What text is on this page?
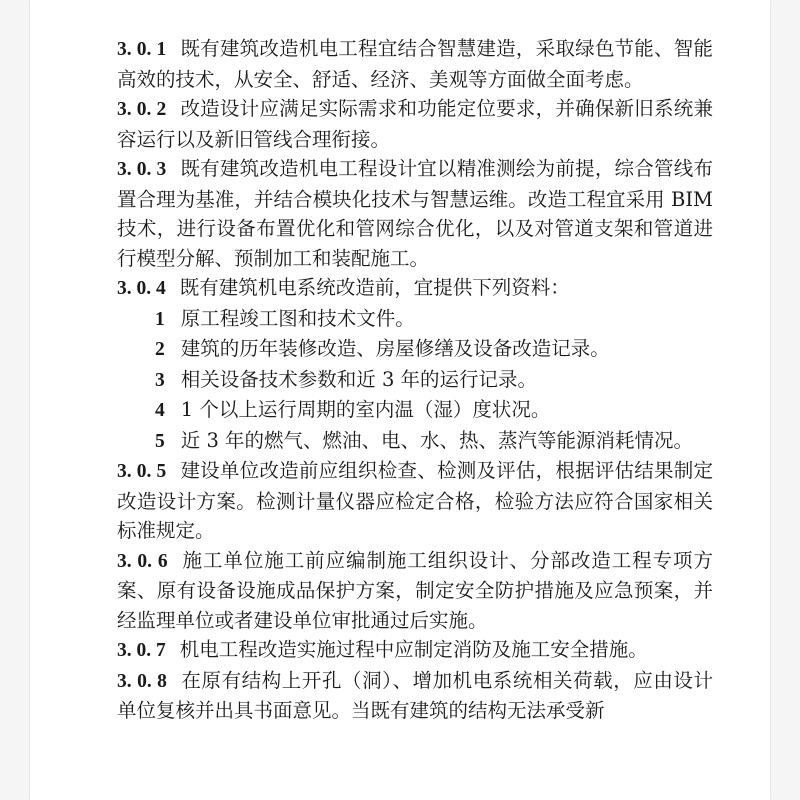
3. 0. 1 既有建筑改造机电工程宜结合智慧建造，采取绿色节能、智能高效的技术，从安全、舒适、经济、美观等方面做全面考虑。

3. 0. 2 改造设计应满足实际需求和功能定位要求，并确保新旧系统兼容运行以及新旧管线合理衔接。

3. 0. 3 既有建筑改造机电工程设计宜以精准测绘为前提，综合管线布置合理为基准，并结合模块化技术与智慧运维。改造工程宜采用 BIM 技术，进行设备布置优化和管网综合优化，以及对管道支架和管道进行模型分解、预制加工和装配施工。

3. 0. 4 既有建筑机电系统改造前，宜提供下列资料：

1 原工程竣工图和技术文件。

2 建筑的历年装修改造、房屋修缮及设备改造记录。

3 相关设备技术参数和近 3 年的运行记录。

4 1 个以上运行周期的室内温（湿）度状况。

5 近 3 年的燃气、燃油、电、水、热、蒸汽等能源消耗情况。

3. 0. 5 建设单位改造前应组织检查、检测及评估，根据评估结果制定改造设计方案。检测计量仪器应检定合格，检验方法应符合国家相关标准规定。

3. 0. 6 施工单位施工前应编制施工组织设计、分部改造工程专项方案、原有设备设施成品保护方案，制定安全防护措施及应急预案，并经监理单位或者建设单位审批通过后实施。

3. 0. 7 机电工程改造实施过程中应制定消防及施工安全措施。

3. 0. 8 在原有结构上开孔（洞）、增加机电系统相关荷载，应由设计单位复核并出具书面意见。当既有建筑的结构无法承受新
